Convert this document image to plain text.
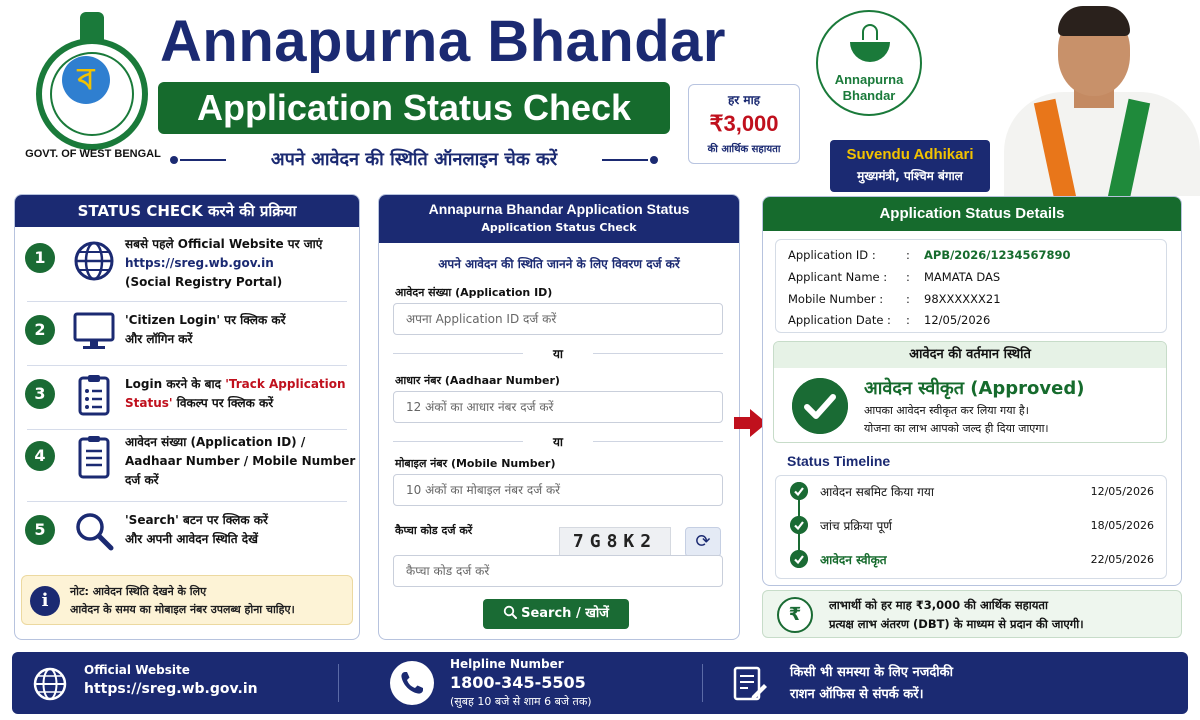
ব
GOVT. OF WEST BENGAL
Annapurna Bhandar
Application Status Check
अपने आवेदन की स्थिति ऑनलाइन चेक करें
हर माह
₹3,000
की आर्थिक सहायता
Annapurna
Bhandar
Suvendu Adhikari
मुख्यमंत्री, पश्चिम बंगाल
STATUS CHECK करने की प्रक्रिया
1
सबसे पहले Official Website पर जाएं
https://sreg.wb.gov.in
(Social Registry Portal)
2	'Citizen Login' पर क्लिक करें
और लॉगिन करें
3	Login करने के बाद 'Track Application
Status' विकल्प पर क्लिक करें
4
आवेदन संख्या (Application ID) /
Aadhaar Number / Mobile Number
दर्ज करें
5	'Search' बटन पर क्लिक करें
और अपनी आवेदन स्थिति देखें
i	नोट: आवेदन स्थिति देखने के लिए
आवेदन के समय का मोबाइल नंबर उपलब्ध होना चाहिए।
Annapurna Bhandar Application Status
Application Status Check
अपने आवेदन की स्थिति जानने के लिए विवरण दर्ज करें
आवेदन संख्या (Application ID)
अपना Application ID दर्ज करें
या
आधार नंबर (Aadhaar Number)
12 अंकों का आधार नंबर दर्ज करें
या
मोबाइल नंबर (Mobile Number)
10 अंकों का मोबाइल नंबर दर्ज करें
कैप्चा कोड दर्ज करें
7G8K2	⟳
कैप्चा कोड दर्ज करें
Search / खोजें
Application Status Details
Application ID :	: APB/2026/1234567890
Applicant Name :	: MAMATA DAS
Mobile Number :	: 98XXXXXX21
Application Date :	: 12/05/2026
आवेदन की वर्तमान स्थिति
आवेदन स्वीकृत (Approved)
आपका आवेदन स्वीकृत कर लिया गया है।
योजना का लाभ आपको जल्द ही दिया जाएगा।
Status Timeline
आवेदन सबमिट किया गया	12/05/2026
जांच प्रक्रिया पूर्ण	18/05/2026
आवेदन स्वीकृत	22/05/2026
₹	लाभार्थी को हर माह ₹3,000 की आर्थिक सहायता
प्रत्यक्ष लाभ अंतरण (DBT) के माध्यम से प्रदान की जाएगी।
Official Website
https://sreg.wb.gov.in
Helpline Number
1800-345-5505
(सुबह 10 बजे से शाम 6 बजे तक)
किसी भी समस्या के लिए नजदीकी
राशन ऑफिस से संपर्क करें।
